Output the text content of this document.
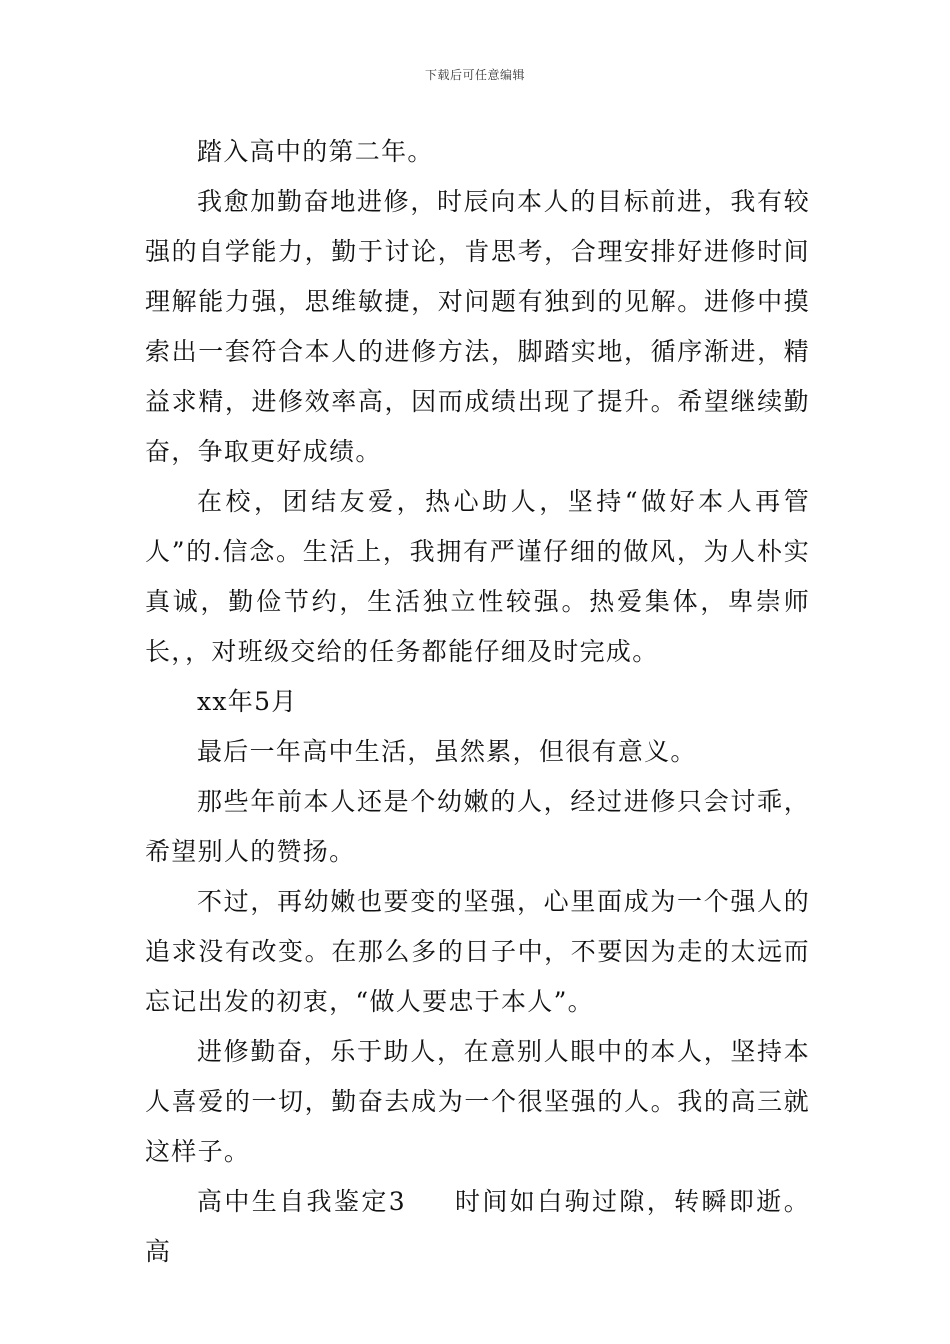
下载后可任意编辑

踏入高中的第二年。

我愈加勤奋地进修，时辰向本人的目标前进，我有较强的自学能力，勤于讨论，肯思考，合理安排好进修时间理解能力强，思维敏捷，对问题有独到的见解。进修中摸索出一套符合本人的进修方法，脚踏实地，循序渐进，精益求精，进修效率高，因而成绩出现了提升。希望继续勤奋，争取更好成绩。

在校，团结友爱，热心助人，坚持“做好本人再管人”的.信念。生活上，我拥有严谨仔细的做风，为人朴实真诚，勤俭节约，生活独立性较强。热爱集体，卑崇师长，，对班级交给的任务都能仔细及时完成。

xx年5月

最后一年高中生活，虽然累，但很有意义。

那些年前本人还是个幼嫩的人，经过进修只会讨乖，希望别人的赞扬。

不过，再幼嫩也要变的坚强，心里面成为一个强人的追求没有改变。在那么多的日子中，不要因为走的太远而忘记出发的初衷，“做人要忠于本人”。

进修勤奋，乐于助人，在意别人眼中的本人，坚持本人喜爱的一切，勤奋去成为一个很坚强的人。我的高三就这样子。

高中生自我鉴定3 时间如白驹过隙，转瞬即逝。高
